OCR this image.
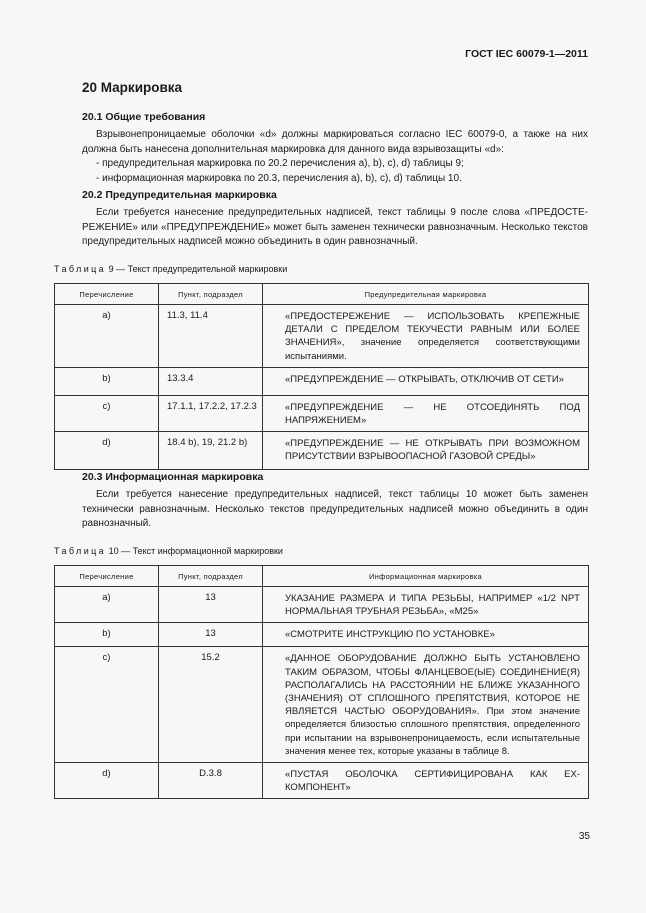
ГОСТ IEC 60079-1—2011
20 Маркировка
20.1 Общие требования
Взрывонепроницаемые оболочки «d» должны маркироваться согласно IEC 60079-0, а также на них должна быть нанесена дополнительная маркировка для данного вида взрывозащиты «d»:
- предупредительная маркировка по 20.2 перечисления а), b), с), d) таблицы 9;
- информационная маркировка по 20.3, перечисления а), b), с), d) таблицы 10.
20.2 Предупредительная маркировка
Если требуется нанесение предупредительных надписей, текст таблицы 9 после слова «ПРЕДОСТЕ-РЕЖЕНИЕ» или «ПРЕДУПРЕЖДЕНИЕ» может быть заменен технически равнозначным. Несколько текстов предупредительных надписей можно объединить в один равнозначный.
Таблица 9 — Текст предупредительной маркировки
Перечисление	Пункт, подраздел	Предупредительная маркировка
а)	11.3, 11.4	«ПРЕДОСТЕРЕЖЕНИЕ — ИСПОЛЬЗОВАТЬ КРЕПЕЖНЫЕ ДЕТАЛИ С ПРЕДЕЛОМ ТЕКУЧЕСТИ РАВНЫМ ИЛИ БОЛЕЕ ЗНАЧЕНИЯ», значение определяется соответствующими испытаниями.
b)	13.3.4	«ПРЕДУПРЕЖДЕНИЕ — ОТКРЫВАТЬ, ОТКЛЮЧИВ ОТ СЕТИ»
с)	17.1.1, 17.2.2, 17.2.3	«ПРЕДУПРЕЖДЕНИЕ — НЕ ОТСОЕДИНЯТЬ ПОД НАПРЯЖЕНИЕМ»
d)	18.4 b), 19, 21.2 b)	«ПРЕДУПРЕЖДЕНИЕ — НЕ ОТКРЫВАТЬ ПРИ ВОЗМОЖНОМ ПРИСУТСТВИИ ВЗРЫВООПАСНОЙ ГАЗОВОЙ СРЕДЫ»
20.3 Информационная маркировка
Если требуется нанесение предупредительных надписей, текст таблицы 10 может быть заменен технически равнозначным. Несколько текстов предупредительных надписей можно объединить в один равнозначный.
Таблица 10 — Текст информационной маркировки
Перечисление	Пункт, подраздел	Информационная маркировка
а)	13	УКАЗАНИЕ РАЗМЕРА И ТИПА РЕЗЬБЫ, НАПРИМЕР «1/2 NPT НОРМАЛЬНАЯ ТРУБНАЯ РЕЗЬБА», «М25»
b)	13	«СМОТРИТЕ ИНСТРУКЦИЮ ПО УСТАНОВКЕ»
с)	15.2	«ДАННОЕ ОБОРУДОВАНИЕ ДОЛЖНО БЫТЬ УСТАНОВЛЕНО ТАКИМ ОБРАЗОМ, ЧТОБЫ ФЛАНЦЕВОЕ(ЫЕ) СОЕДИНЕНИЕ(Я) РАСПОЛАГАЛИСЬ НА РАССТОЯНИИ НЕ БЛИЖЕ УКАЗАННОГО (ЗНАЧЕНИЯ) ОТ СПЛОШНОГО ПРЕПЯТСТВИЯ, КОТОРОЕ НЕ ЯВЛЯЕТСЯ ЧАСТЬЮ ОБОРУДОВАНИЯ». При этом значение определяется близостью сплошного препятствия, определенного при испытании на взрывонепроницаемость, если испытательные значения менее тех, которые указаны в таблице 8.
d)	D.3.8	«ПУСТАЯ ОБОЛОЧКА СЕРТИФИЦИРОВАНА КАК EX-КОМПОНЕНТ»
35
